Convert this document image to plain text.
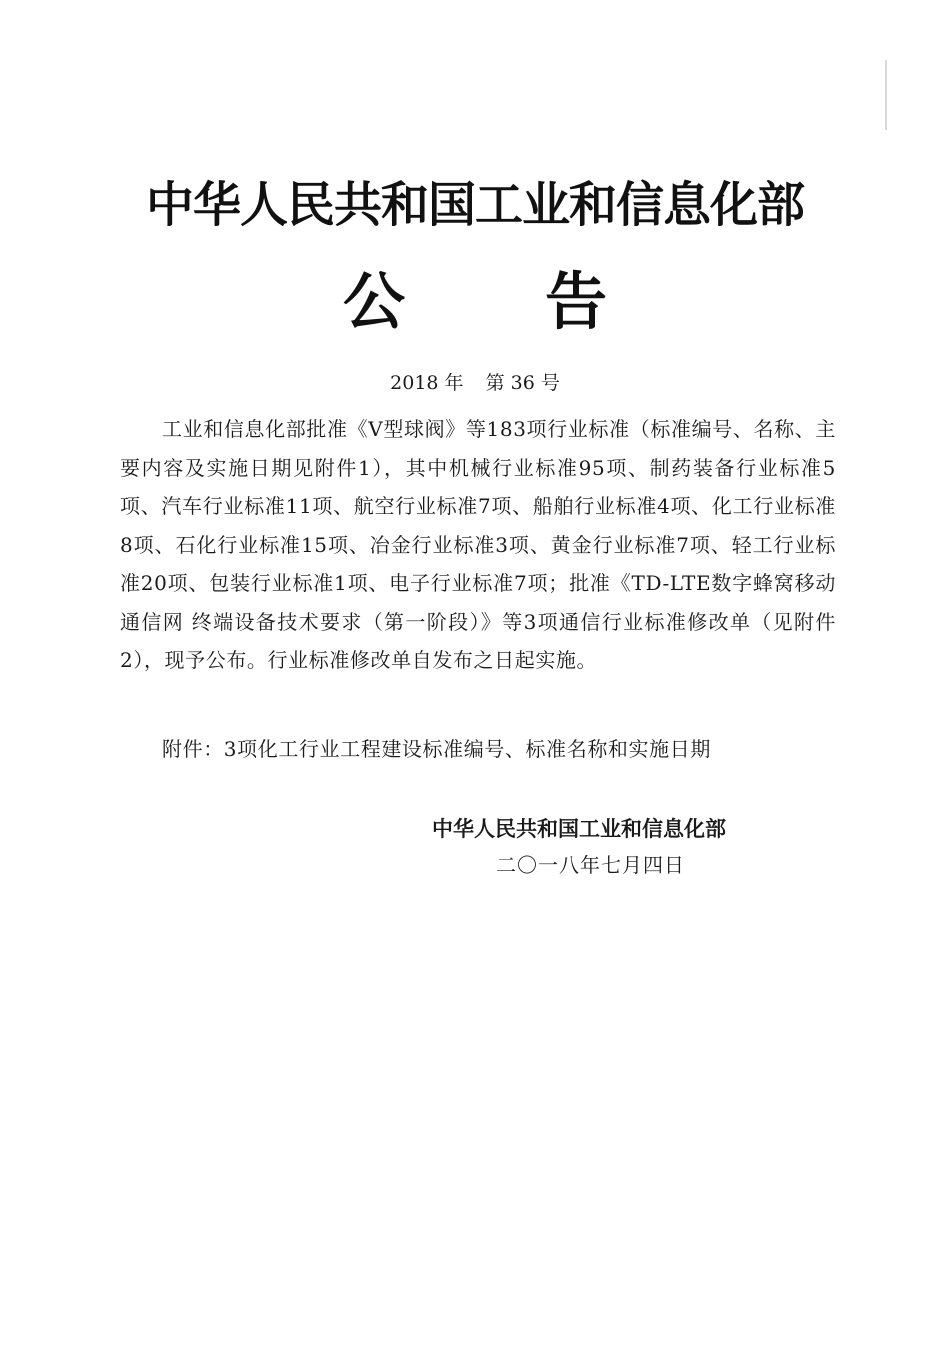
中华人民共和国工业和信息化部
公 告
2018 年 第 36 号
工业和信息化部批准《V型球阀》等183项行业标准（标准编号、名称、主要内容及实施日期见附件1），其中机械行业标准95项、制药装备行业标准5项、汽车行业标准11项、航空行业标准7项、船舶行业标准4项、化工行业标准8项、石化行业标准15项、冶金行业标准3项、黄金行业标准7项、轻工行业标准20项、包装行业标准1项、电子行业标准7项；批准《TD-LTE数字蜂窝移动通信网 终端设备技术要求（第一阶段）》等3项通信行业标准修改单（见附件2），现予公布。行业标准修改单自发布之日起实施。
附件：3项化工行业工程建设标准编号、标准名称和实施日期
中华人民共和国工业和信息化部
二〇一八年七月四日
